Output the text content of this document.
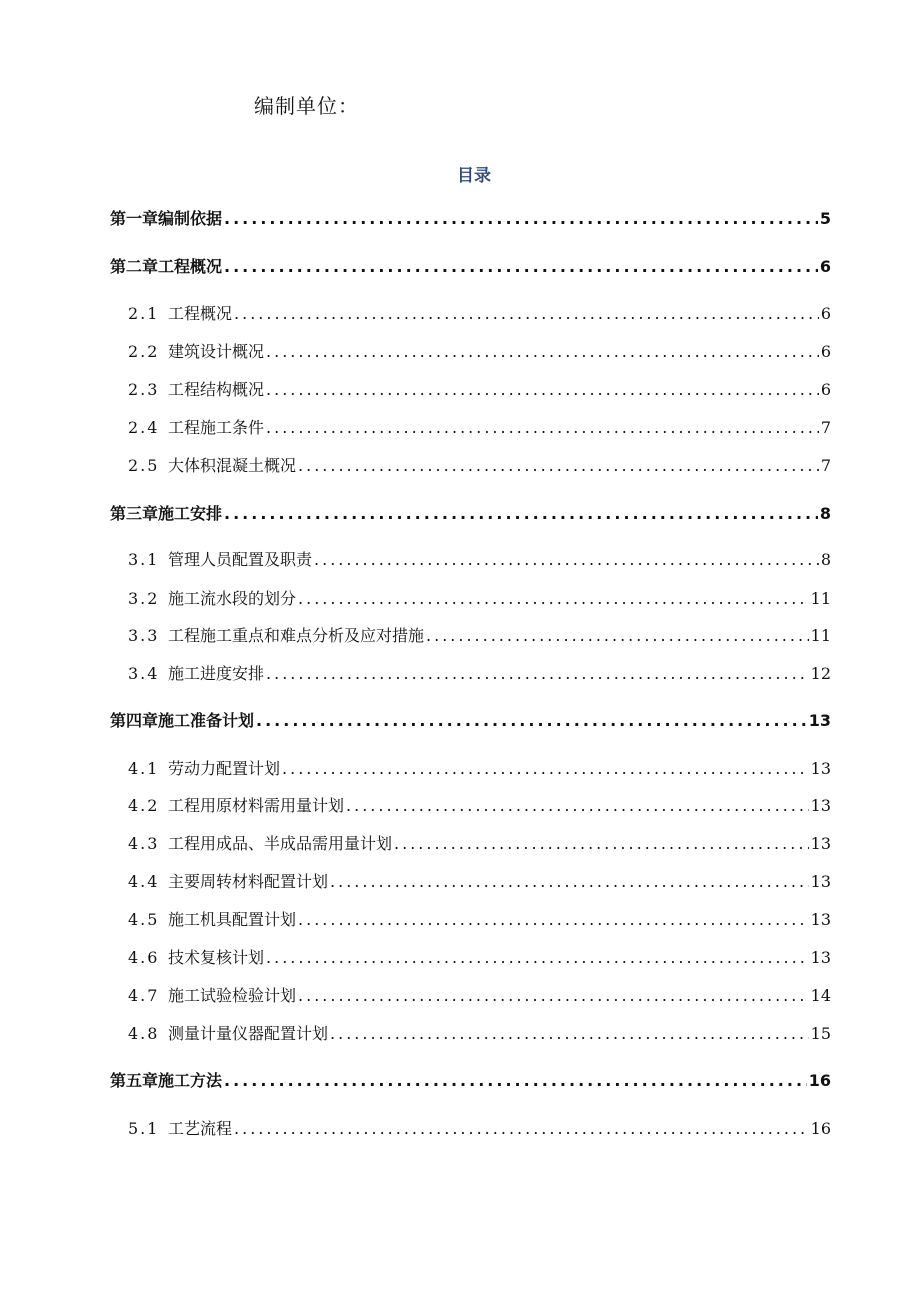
编制单位：
目录
第一章编制依据 .....	5
第二章工程概况 .....	6
2.1 工程概况 .....	6
2.2 建筑设计概况 .....	6
2.3 工程结构概况 .....	6
2.4 工程施工条件 .....	7
2.5 大体积混凝土概况 .....	7
第三章施工安排 .....	8
3.1 管理人员配置及职责 .....	8
3.2 施工流水段的划分 .....	11
3.3 工程施工重点和难点分析及应对措施 .....	11
3.4 施工进度安排 .....	12
第四章施工准备计划 .....	13
4.1 劳动力配置计划 .....	13
4.2 工程用原材料需用量计划 .....	13
4.3 工程用成品、半成品需用量计划 .....	13
4.4 主要周转材料配置计划 .....	13
4.5 施工机具配置计划 .....	13
4.6 技术复核计划 .....	13
4.7 施工试验检验计划 .....	14
4.8 测量计量仪器配置计划 .....	15
第五章施工方法 .....	16
5.1 工艺流程 .....	16
